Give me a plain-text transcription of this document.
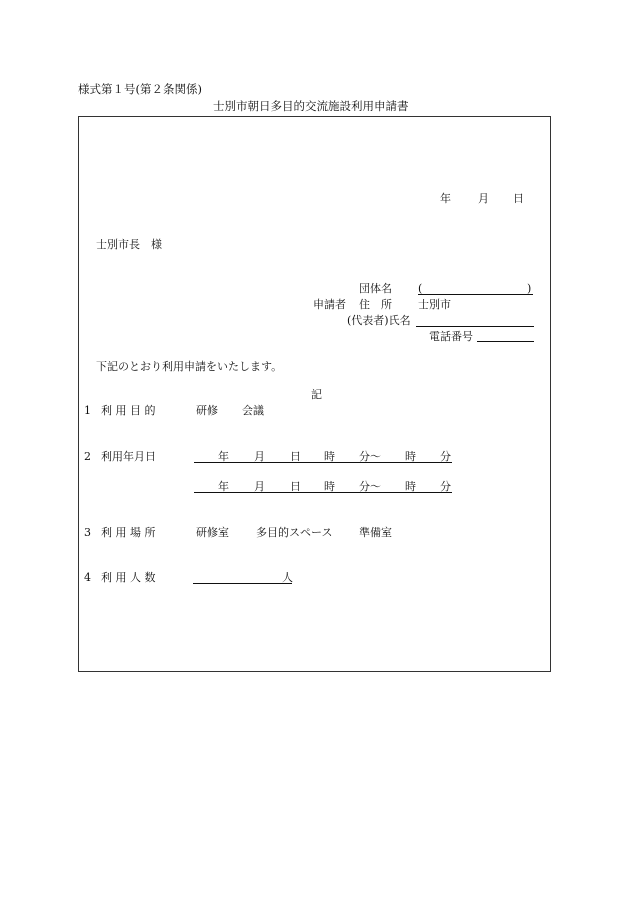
様式第１号(第２条関係)
士別市朝日多目的交流施設利用申請書
年 月 日
士別市長　様
団体名 (	)
申請者 住　所 士別市
(代表者)氏名
電話番号
下記のとおり利用申請をいたします。
記
1 利 用 目 的	研修 会議
2 利用年月日	年 月 日 時 分～ 時 分
年 月 日 時 分～ 時 分
3 利 用 場 所	研修室 多目的スペース 準備室
4 利 用 人 数	人
